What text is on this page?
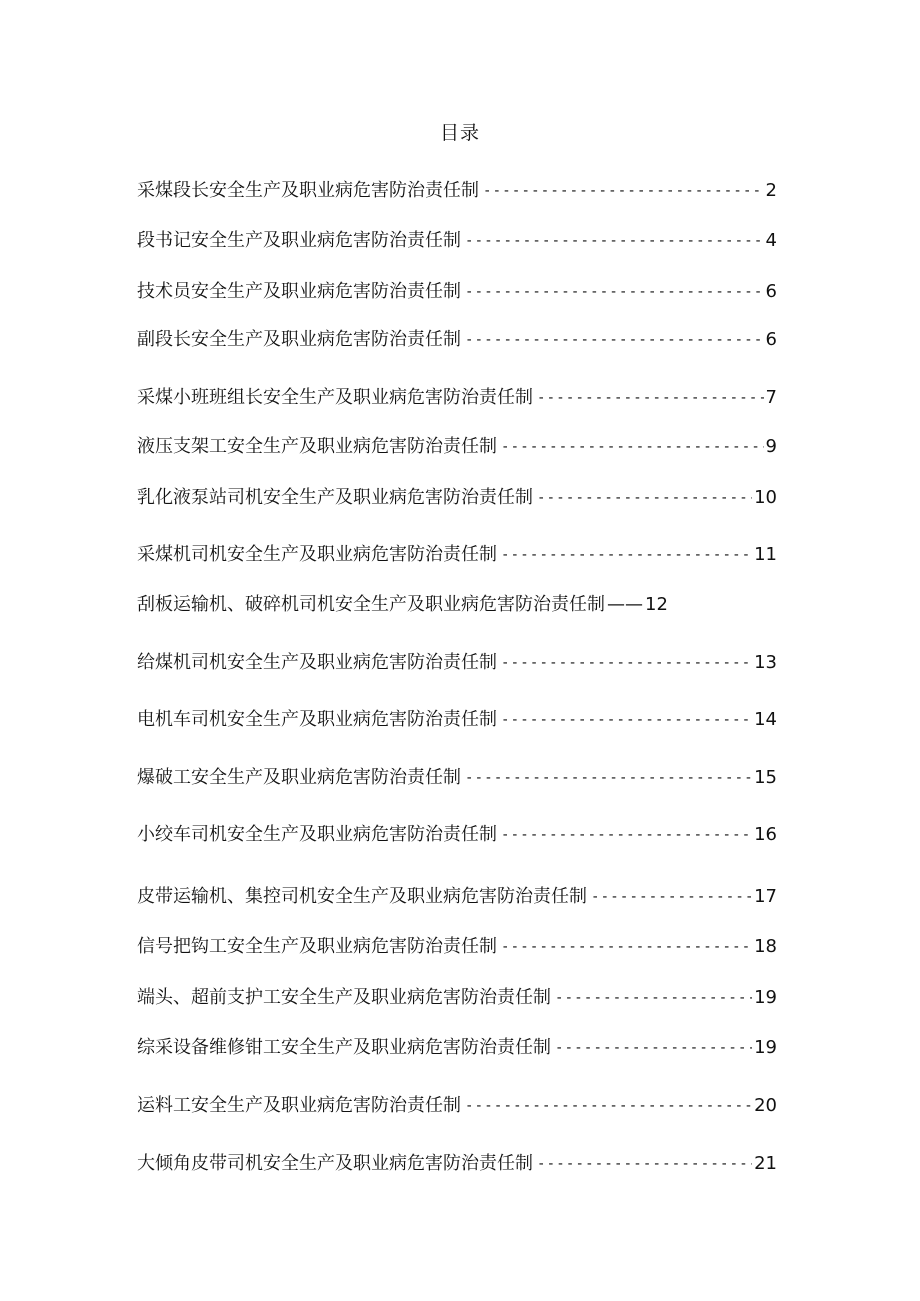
目录
采煤段长安全生产及职业病危害防治责任制 -----	2
段书记安全生产及职业病危害防治责任制 -----	4
技术员安全生产及职业病危害防治责任制 -----	6
副段长安全生产及职业病危害防治责任制 -----	6
采煤小班班组长安全生产及职业病危害防治责任制 -----	7
液压支架工安全生产及职业病危害防治责任制 -----	9
乳化液泵站司机安全生产及职业病危害防治责任制 -----	10
采煤机司机安全生产及职业病危害防治责任制 -----	11
刮板运输机、破碎机司机安全生产及职业病危害防治责任制 —— 12
给煤机司机安全生产及职业病危害防治责任制 -----	13
电机车司机安全生产及职业病危害防治责任制 -----	14
爆破工安全生产及职业病危害防治责任制 -----	15
小绞车司机安全生产及职业病危害防治责任制 -----	16
皮带运输机、集控司机安全生产及职业病危害防治责任制 -----	17
信号把钩工安全生产及职业病危害防治责任制 -----	18
端头、超前支护工安全生产及职业病危害防治责任制 -----	19
综采设备维修钳工安全生产及职业病危害防治责任制 -----	19
运料工安全生产及职业病危害防治责任制 -----	20
大倾角皮带司机安全生产及职业病危害防治责任制 -----	21
